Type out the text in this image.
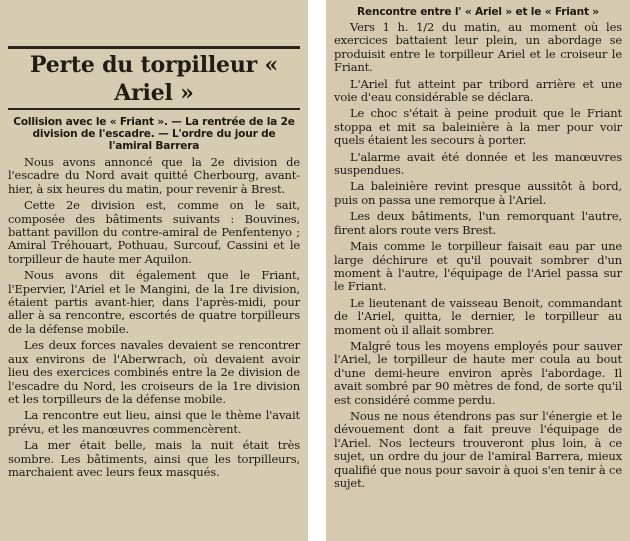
Perte du torpilleur « Ariel »
Collision avec le « Friant ». — La rentrée de la 2e division de l'escadre. — L'ordre du jour de l'amiral Barrera

Nous avons annoncé que la 2e division de l'escadre du Nord avait quitté Cherbourg, avant-hier, à six heures du matin, pour revenir à Brest.

Cette 2e division est, comme on le sait, composée des bâtiments suivants : Bouvines, battant pavillon du contre-amiral de Penfentenyo ; Amiral Tréhouart, Pothuau, Surcouf, Cassini et le torpilleur de haute mer Aquilon.

Nous avons dit également que le Friant, l'Epervier, l'Ariel et le Mangini, de la 1re division, étaient partis avant-hier, dans l'après-midi, pour aller à sa rencontre, escortés de quatre torpilleurs de la défense mobile.

Les deux forces navales devaient se rencontrer aux environs de l'Aberwrach, où devaient avoir lieu des exercices combinés entre la 2e division de l'escadre du Nord, les croiseurs de la 1re division et les torpilleurs de la défense mobile.

La rencontre eut lieu, ainsi que le thème l'avait prévu, et les manœuvres commencèrent.

La mer était belle, mais la nuit était très sombre. Les bâtiments, ainsi que les torpilleurs, marchaient avec leurs feux masqués.

Rencontre entre l' « Ariel » et le « Friant »

Vers 1 h. 1/2 du matin, au moment où les exercices battaient leur plein, un abordage se produisit entre le torpilleur Ariel et le croiseur le Friant.

L'Ariel fut atteint par tribord arrière et une voie d'eau considérable se déclara.

Le choc s'était à peine produit que le Friant stoppa et mit sa baleinière à la mer pour voir quels étaient les secours à porter.

L'alarme avait été donnée et les manœuvres suspendues.

La baleinière revint presque aussitôt à bord, puis on passa une remorque à l'Ariel.

Les deux bâtiments, l'un remorquant l'autre, firent alors route vers Brest.

Mais comme le torpilleur faisait eau par une large déchirure et qu'il pouvait sombrer d'un moment à l'autre, l'équipage de l'Ariel passa sur le Friant.

Le lieutenant de vaisseau Benoit, commandant de l'Ariel, quitta, le dernier, le torpilleur au moment où il allait sombrer.

Malgré tous les moyens employés pour sauver l'Ariel, le torpilleur de haute mer coula au bout d'une demi-heure environ après l'abordage. Il avait sombré par 90 mètres de fond, de sorte qu'il est considéré comme perdu.

Nous ne nous étendrons pas sur l'énergie et le dévouement dont a fait preuve l'équipage de l'Ariel. Nos lecteurs trouveront plus loin, à ce sujet, un ordre du jour de l'amiral Barrera, mieux qualifié que nous pour savoir à quoi s'en tenir à ce sujet.
